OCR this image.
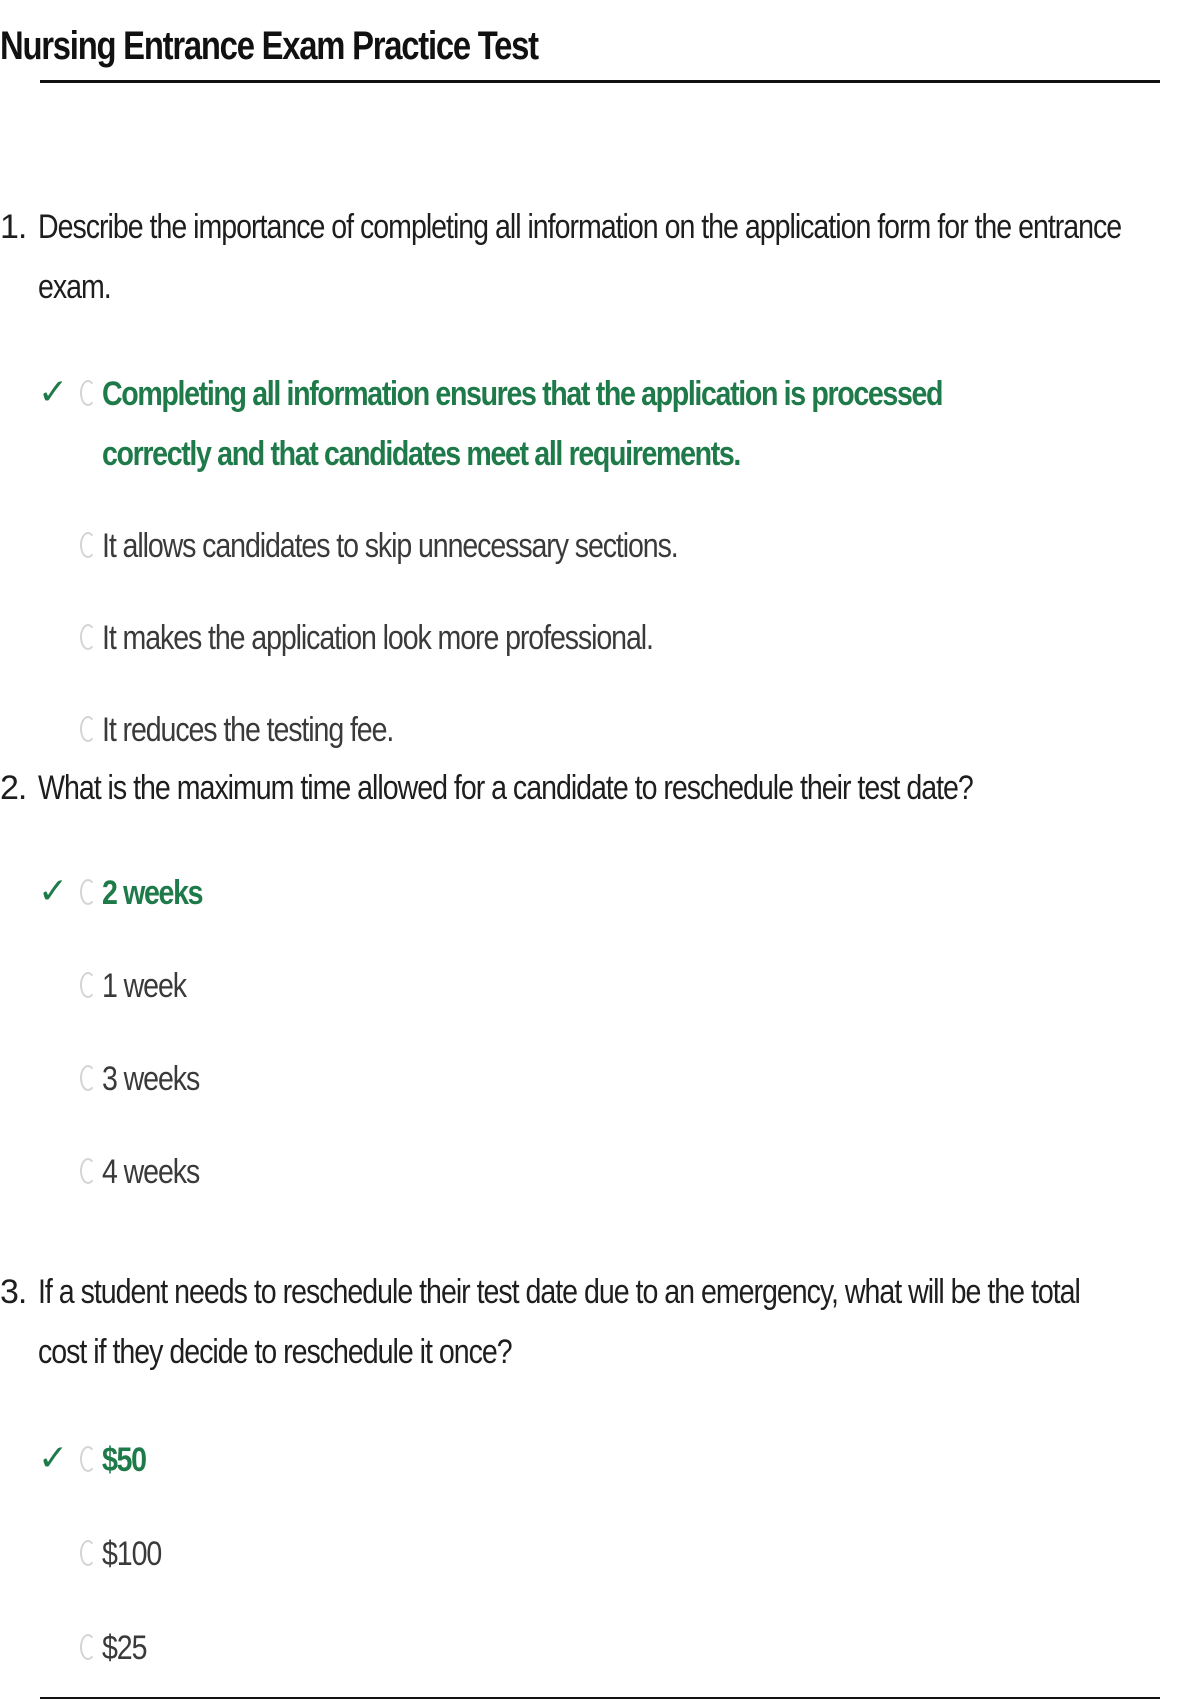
Nursing Entrance Exam Practice Test
1. Describe the importance of completing all information on the application form for the entrance exam.
✓ Completing all information ensures that the application is processed correctly and that candidates meet all requirements.
It allows candidates to skip unnecessary sections.
It makes the application look more professional.
It reduces the testing fee.
2. What is the maximum time allowed for a candidate to reschedule their test date?
✓ 2 weeks
1 week
3 weeks
4 weeks
3. If a student needs to reschedule their test date due to an emergency, what will be the total cost if they decide to reschedule it once?
✓ $50
$100
$25
